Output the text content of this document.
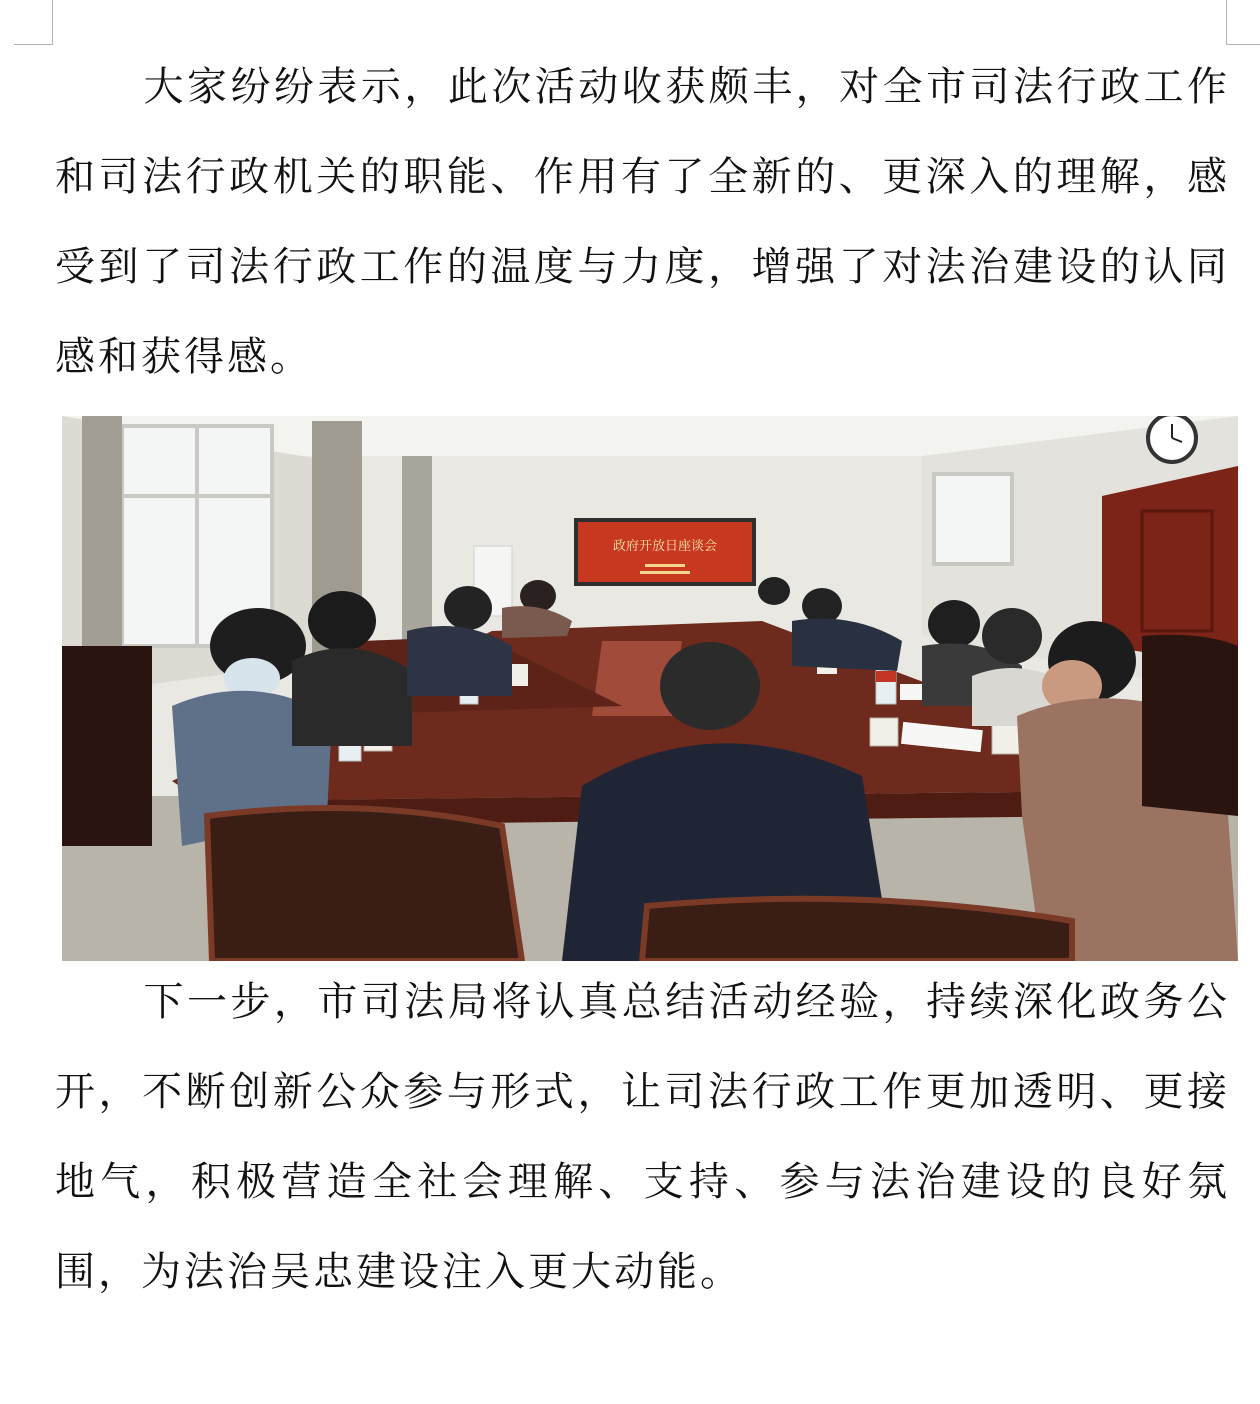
大家纷纷表示，此次活动收获颇丰，对全市司法行政工作和司法行政机关的职能、作用有了全新的、更深入的理解，感受到了司法行政工作的温度与力度，增强了对法治建设的认同感和获得感。

政府开放日座谈会

下一步，市司法局将认真总结活动经验，持续深化政务公开，不断创新公众参与形式，让司法行政工作更加透明、更接地气，积极营造全社会理解、支持、参与法治建设的良好氛围，为法治吴忠建设注入更大动能。
